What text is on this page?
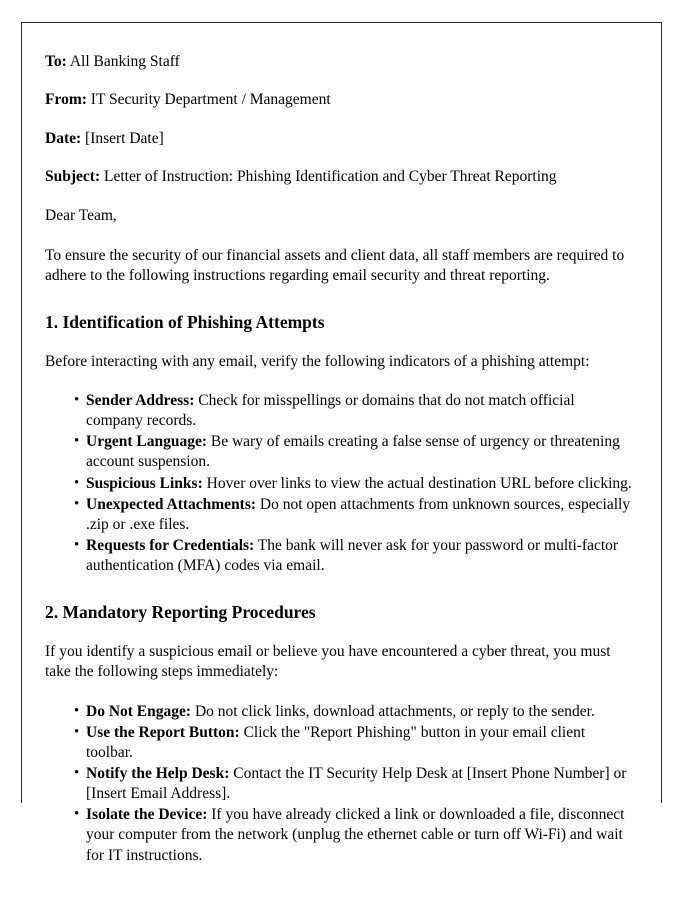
To: All Banking Staff

From: IT Security Department / Management

Date: [Insert Date]

Subject: Letter of Instruction: Phishing Identification and Cyber Threat Reporting

Dear Team,

To ensure the security of our financial assets and client data, all staff members are required to adhere to the following instructions regarding email security and threat reporting.

1. Identification of Phishing Attempts

Before interacting with any email, verify the following indicators of a phishing attempt:

• Sender Address: Check for misspellings or domains that do not match official company records.
• Urgent Language: Be wary of emails creating a false sense of urgency or threatening account suspension.
• Suspicious Links: Hover over links to view the actual destination URL before clicking.
• Unexpected Attachments: Do not open attachments from unknown sources, especially .zip or .exe files.
• Requests for Credentials: The bank will never ask for your password or multi-factor authentication (MFA) codes via email.
2. Mandatory Reporting Procedures

If you identify a suspicious email or believe you have encountered a cyber threat, you must take the following steps immediately:

• Do Not Engage: Do not click links, download attachments, or reply to the sender.
• Use the Report Button: Click the "Report Phishing" button in your email client toolbar.
• Notify the Help Desk: Contact the IT Security Help Desk at [Insert Phone Number] or [Insert Email Address].
• Isolate the Device: If you have already clicked a link or downloaded a file, disconnect your computer from the network (unplug the ethernet cable or turn off Wi-Fi) and wait for IT instructions.
